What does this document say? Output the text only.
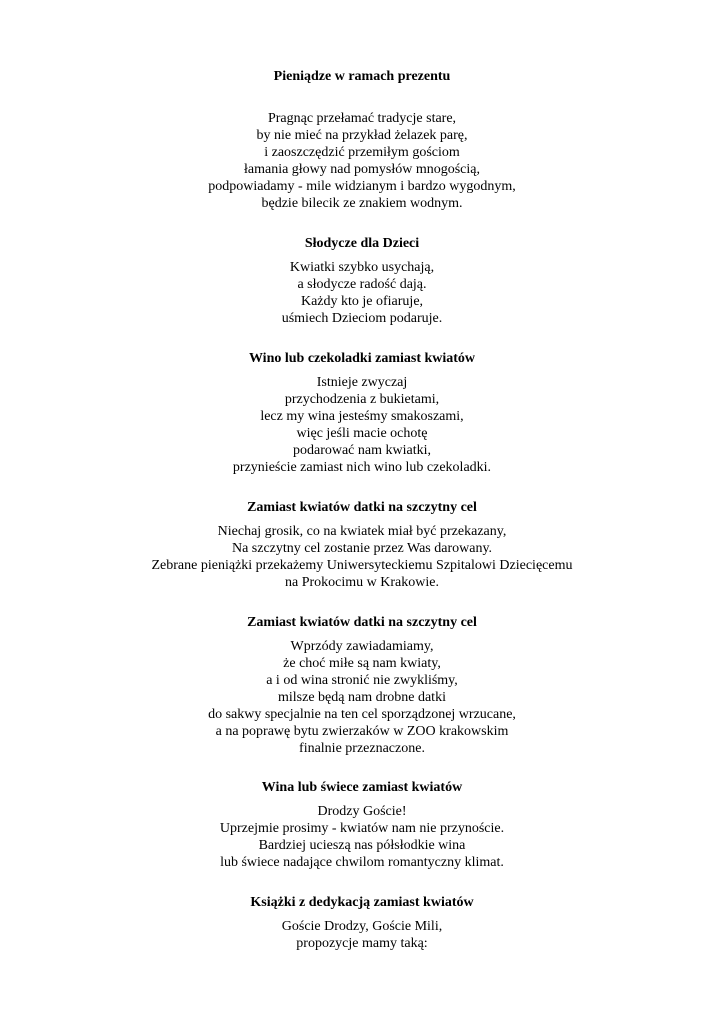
Pieniądze w ramach prezentu
Pragnąc przełamać tradycje stare,
by nie mieć na przykład żelazek parę,
i zaoszczędzić przemiłym gościom
łamania głowy nad pomysłów mnogością,
podpowiadamy - mile widzianym i bardzo wygodnym,
będzie bilecik ze znakiem wodnym.
Słodycze dla Dzieci
Kwiatki szybko usychają,
a słodycze radość dają.
Każdy kto je ofiaruje,
uśmiech Dzieciom podaruje.
Wino lub czekoladki zamiast kwiatów
Istnieje zwyczaj
przychodzenia z bukietami,
lecz my wina jesteśmy smakoszami,
więc jeśli macie ochotę
podarować nam kwiatki,
przynieście zamiast nich wino lub czekoladki.
Zamiast kwiatów datki na szczytny cel
Niechaj grosik, co na kwiatek miał być przekazany,
Na szczytny cel zostanie przez Was darowany.
Zebrane pieniążki przekażemy Uniwersyteckiemu Szpitalowi Dziecięcemu
na Prokocimu w Krakowie.
Zamiast kwiatów datki na szczytny cel
Wprzódy zawiadamiamy,
że choć miłe są nam kwiaty,
a i od wina stronić nie zwykliśmy,
milsze będą nam drobne datki
do sakwy specjalnie na ten cel sporządzonej wrzucane,
a na poprawę bytu zwierzaków w ZOO krakowskim
finalnie przeznaczone.
Wina lub świece zamiast kwiatów
Drodzy Goście!
Uprzejmie prosimy - kwiatów nam nie przynoście.
Bardziej ucieszą nas półsłodkie wina
lub świece nadające chwilom romantyczny klimat.
Książki z dedykacją zamiast kwiatów
Goście Drodzy, Goście Mili,
propozycje mamy taką:
